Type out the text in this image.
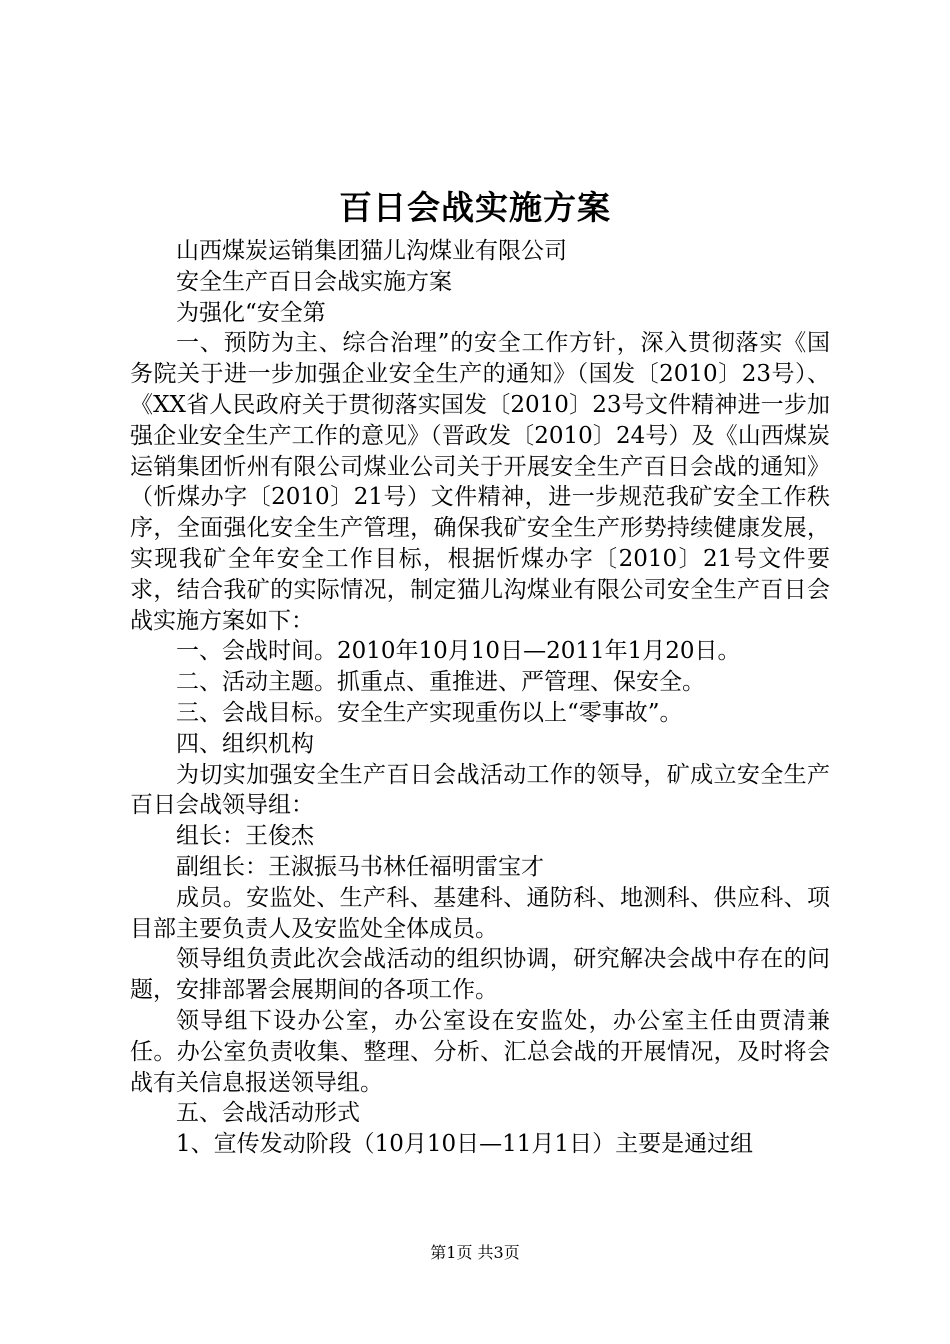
百日会战实施方案

山西煤炭运销集团猫儿沟煤业有限公司

安全生产百日会战实施方案

为强化“安全第

一、预防为主、综合治理”的安全工作方针，深入贯彻落实《国务院关于进一步加强企业安全生产的通知》（国发〔2010〕23号）、《XX省人民政府关于贯彻落实国发〔2010〕23号文件精神进一步加强企业安全生产工作的意见》（晋政发〔2010〕24号）及《山西煤炭运销集团忻州有限公司煤业公司关于开展安全生产百日会战的通知》（忻煤办字〔2010〕21号）文件精神，进一步规范我矿安全工作秩序，全面强化安全生产管理，确保我矿安全生产形势持续健康发展，实现我矿全年安全工作目标，根据忻煤办字〔2010〕21号文件要求，结合我矿的实际情况，制定猫儿沟煤业有限公司安全生产百日会战实施方案如下：

一、会战时间。2010年10月10日—2011年1月20日。

二、活动主题。抓重点、重推进、严管理、保安全。

三、会战目标。安全生产实现重伤以上“零事故”。

四、组织机构

为切实加强安全生产百日会战活动工作的领导，矿成立安全生产百日会战领导组：

组长：王俊杰

副组长：王淑振马书林任福明雷宝才

成员。安监处、生产科、基建科、通防科、地测科、供应科、项目部主要负责人及安监处全体成员。

领导组负责此次会战活动的组织协调，研究解决会战中存在的问题，安排部署会展期间的各项工作。

领导组下设办公室，办公室设在安监处，办公室主任由贾清兼任。办公室负责收集、整理、分析、汇总会战的开展情况，及时将会战有关信息报送领导组。

五、会战活动形式

1、宣传发动阶段（10月10日—11月1日）主要是通过组

第1页 共3页
